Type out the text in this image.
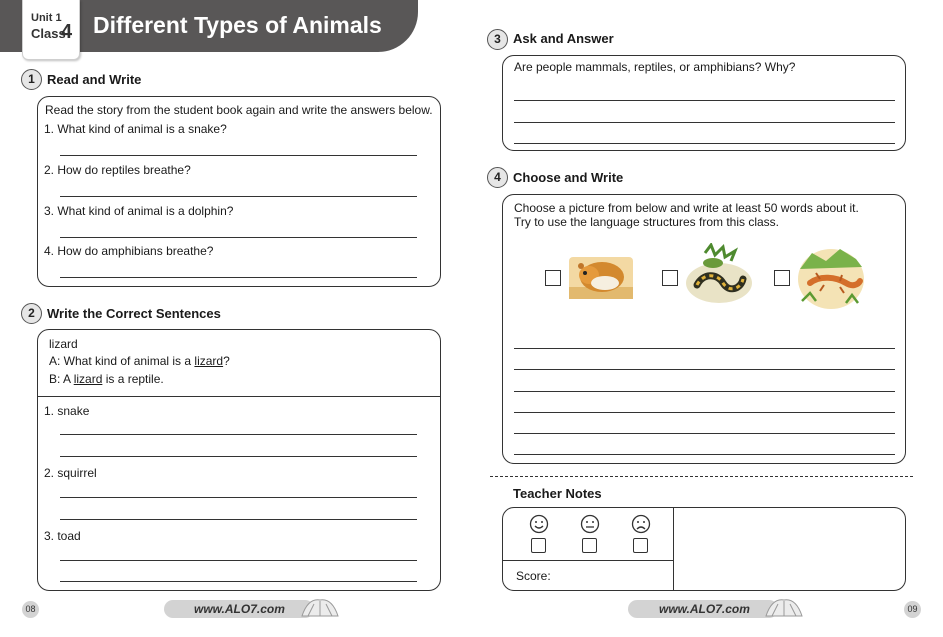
Unit 1
Class
4 Different Types of Animals
1 Read and Write
Read the story from the student book again and write the answers below.
1. What kind of animal is a snake?
2. How do reptiles breathe?
3. What kind of animal is a dolphin?
4. How do amphibians breathe?
2 Write the Correct Sentences
lizard
A: What kind of animal is a lizard?
B: A lizard is a reptile.
1. snake
2. squirrel
3. toad
3 Ask and Answer
Are people mammals, reptiles, or amphibians? Why?
4 Choose and Write
Choose a picture from below and write at least 50 words about it.
Try to use the language structures from this class.
Teacher Notes
Score:
08	www.ALO7.com	www.ALO7.com	09
